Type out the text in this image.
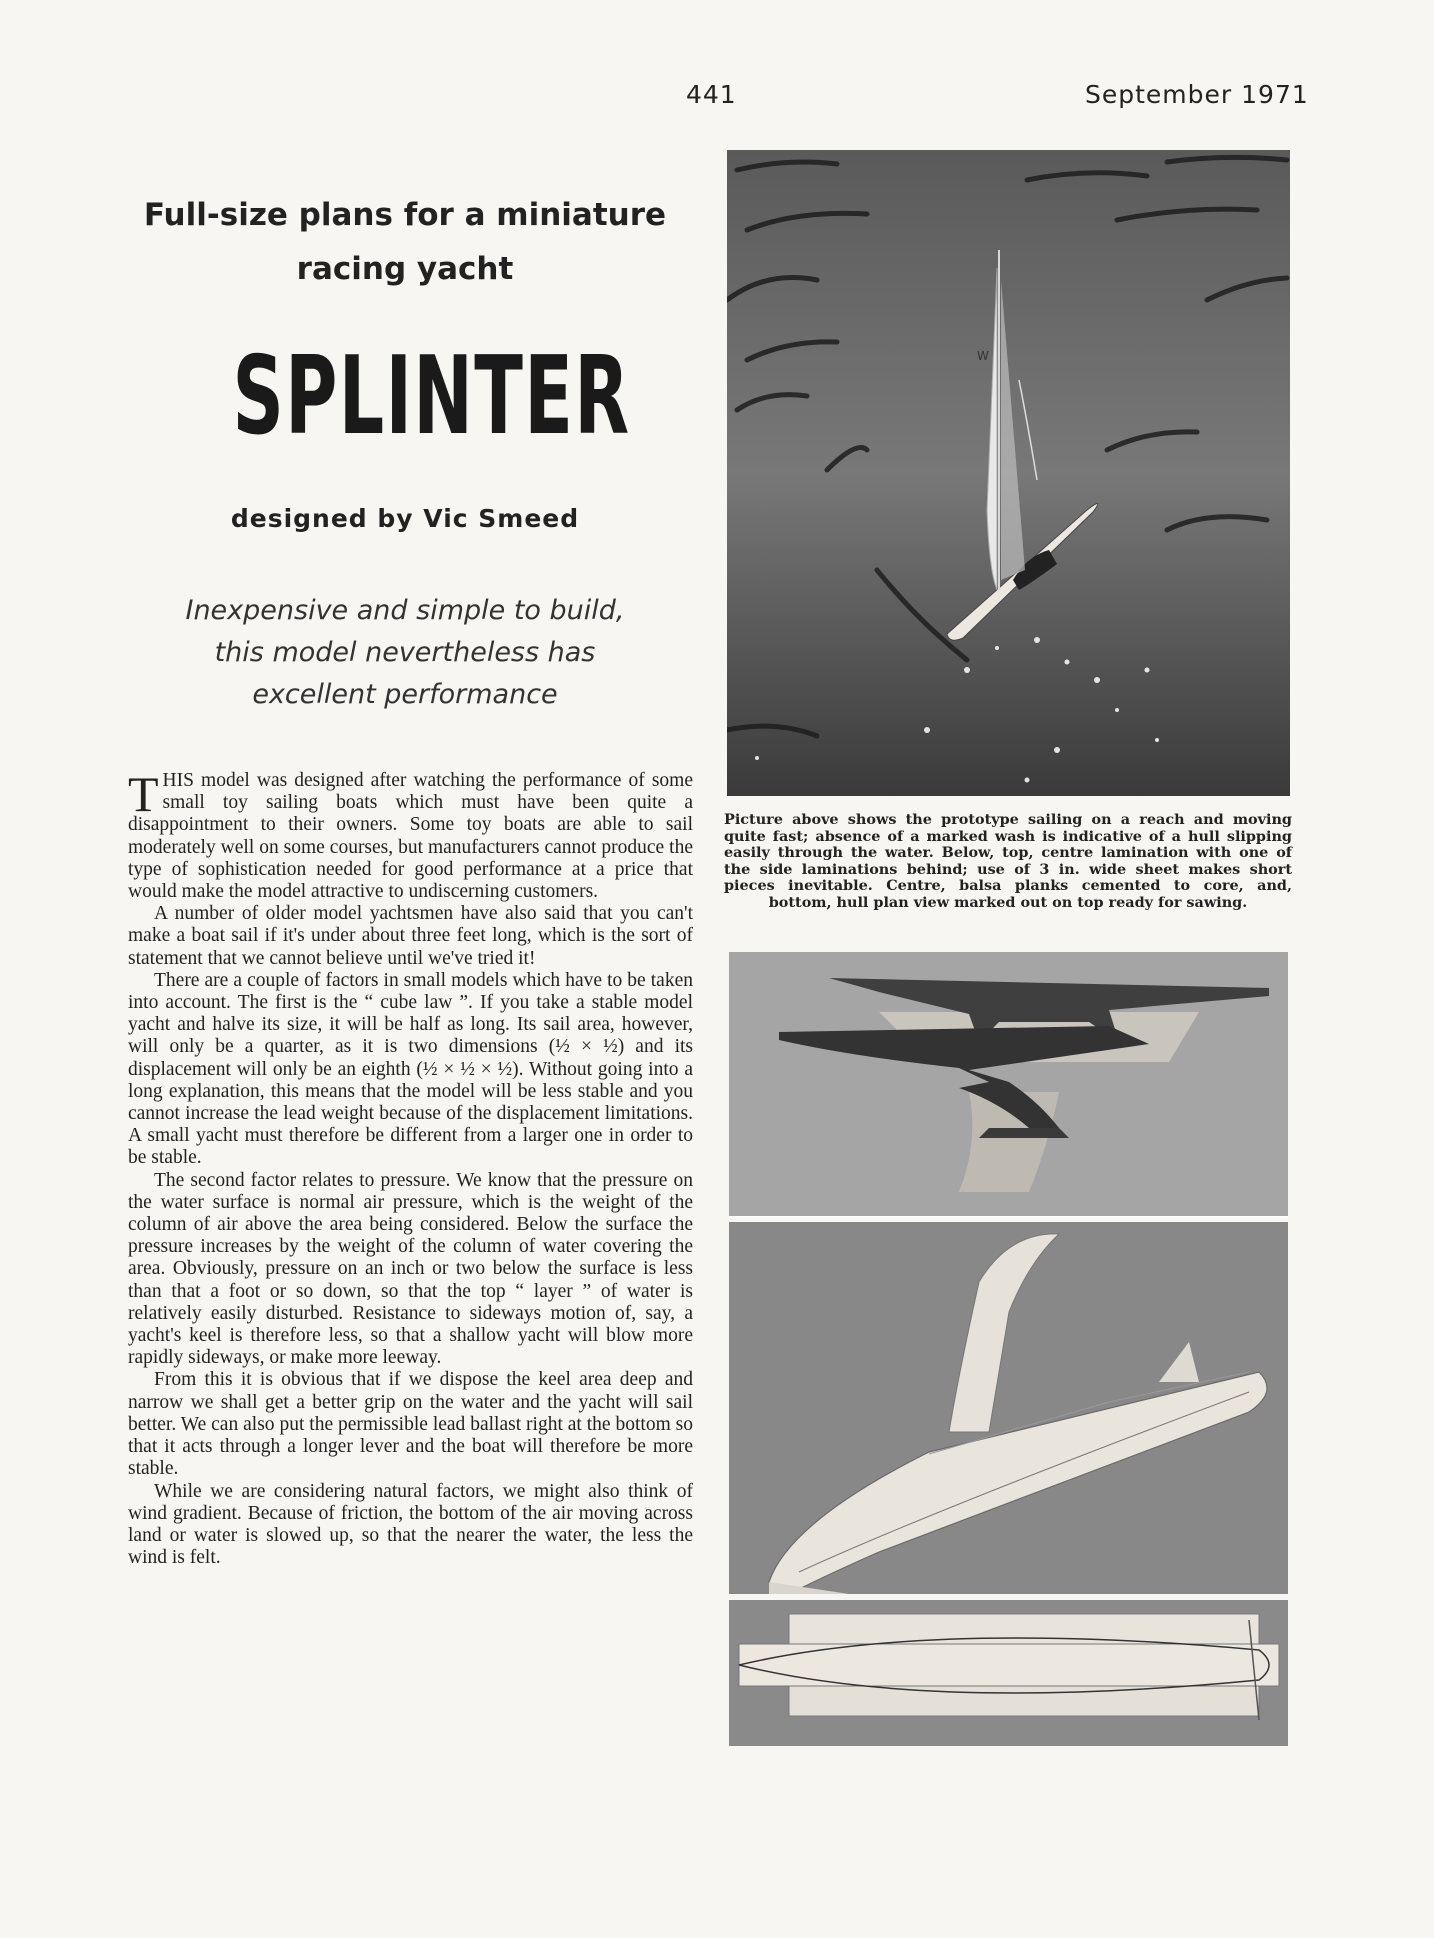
441	September 1971
Full-size plans for a miniature racing yacht
SPLINTER
designed by Vic Smeed
Inexpensive and simple to build, this model nevertheless has excellent performance

THIS model was designed after watching the performance of some small toy sailing boats which must have been quite a disappointment to their owners. Some toy boats are able to sail moderately well on some courses, but manufacturers cannot produce the type of sophistication needed for good performance at a price that would make the model attractive to undiscerning customers.

A number of older model yachtsmen have also said that you can't make a boat sail if it's under about three feet long, which is the sort of statement that we cannot believe until we've tried it!

There are a couple of factors in small models which have to be taken into account. The first is the “ cube law ”. If you take a stable model yacht and halve its size, it will be half as long. Its sail area, however, will only be a quarter, as it is two dimensions (½ × ½) and its displacement will only be an eighth (½ × ½ × ½). Without going into a long explanation, this means that the model will be less stable and you cannot increase the lead weight because of the displacement limitations. A small yacht must therefore be different from a larger one in order to be stable.

The second factor relates to pressure. We know that the pressure on the water surface is normal air pressure, which is the weight of the column of air above the area being considered. Below the surface the pressure increases by the weight of the column of water covering the area. Obviously, pressure on an inch or two below the surface is less than that a foot or so down, so that the top “ layer ” of water is relatively easily disturbed. Resistance to sideways motion of, say, a yacht's keel is therefore less, so that a shallow yacht will blow more rapidly sideways, or make more leeway.

From this it is obvious that if we dispose the keel area deep and narrow we shall get a better grip on the water and the yacht will sail better. We can also put the permissible lead ballast right at the bottom so that it acts through a longer lever and the boat will therefore be more stable.

While we are considering natural factors, we might also think of wind gradient. Because of friction, the bottom of the air moving across land or water is slowed up, so that the nearer the water, the less the wind is felt.

W
Picture above shows the prototype sailing on a reach and moving quite fast; absence of a marked wash is indicative of a hull slipping easily through the water. Below, top, centre lamination with one of the side laminations behind; use of 3 in. wide sheet makes short pieces inevitable. Centre, balsa planks cemented to core, and, bottom, hull plan view marked out on top ready for sawing.
